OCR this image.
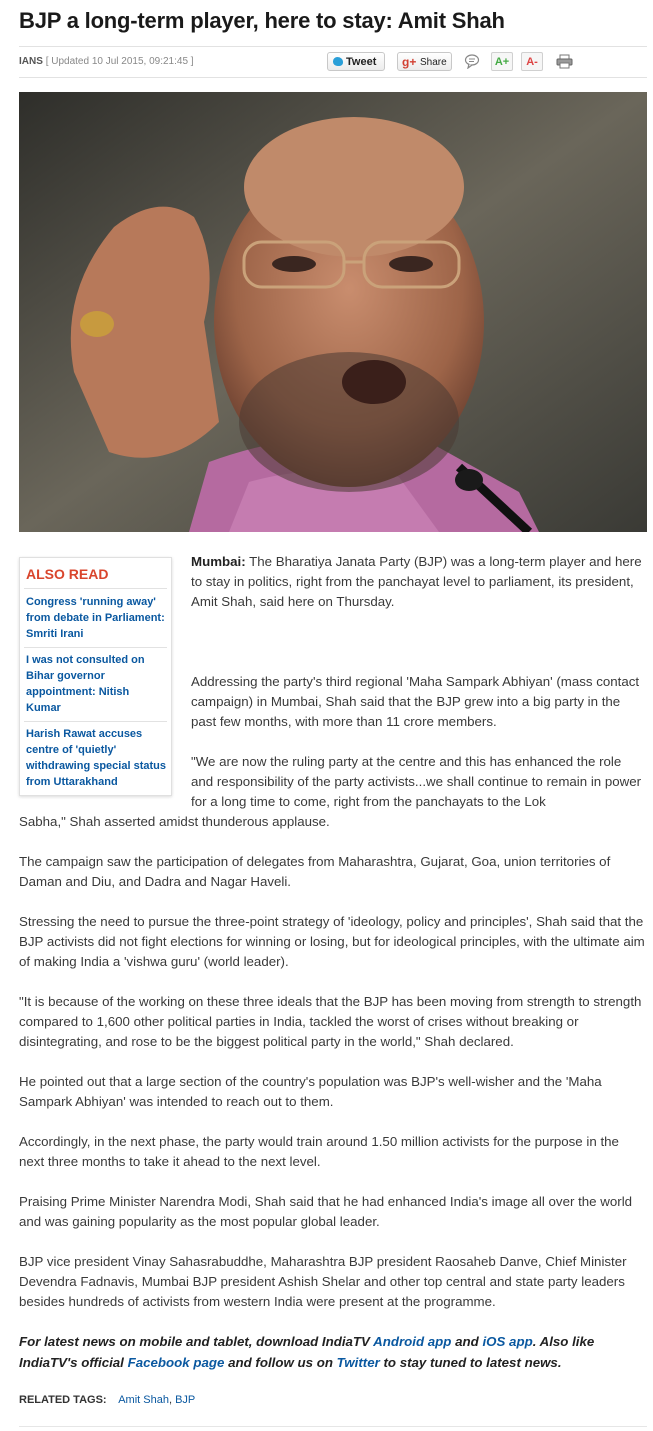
BJP a long-term player, here to stay: Amit Shah
IANS [ Updated 10 Jul 2015, 09:21:45 ]	Tweet g+ Share	A+	A-
ALSO READ
Congress 'running away' from debate in Parliament: Smriti Irani
I was not consulted on Bihar governor appointment: Nitish Kumar
Harish Rawat accuses centre of 'quietly' withdrawing special status from Uttarakhand
Mumbai: The Bharatiya Janata Party (BJP) was a long-term player and here to stay in politics, right from the panchayat level to parliament, its president, Amit Shah, said here on Thursday.
Addressing the party's third regional 'Maha Sampark Abhiyan' (mass contact campaign) in Mumbai, Shah said that the BJP grew into a big party in the past few months, with more than 11 crore members.
"We are now the ruling party at the centre and this has enhanced the role and responsibility of the party activists...we shall continue to remain in power for a long time to come, right from the panchayats to the Lok
Sabha," Shah asserted amidst thunderous applause.
The campaign saw the participation of delegates from Maharashtra, Gujarat, Goa, union territories of Daman and Diu, and Dadra and Nagar Haveli.
Stressing the need to pursue the three-point strategy of 'ideology, policy and principles', Shah said that the BJP activists did not fight elections for winning or losing, but for ideological principles, with the ultimate aim of making India a 'vishwa guru' (world leader).
"It is because of the working on these three ideals that the BJP has been moving from strength to strength compared to 1,600 other political parties in India, tackled the worst of crises without breaking or disintegrating, and rose to be the biggest political party in the world," Shah declared.
He pointed out that a large section of the country's population was BJP's well-wisher and the 'Maha Sampark Abhiyan' was intended to reach out to them.
Accordingly, in the next phase, the party would train around 1.50 million activists for the purpose in the next three months to take it ahead to the next level.
Praising Prime Minister Narendra Modi, Shah said that he had enhanced India's image all over the world and was gaining popularity as the most popular global leader.
BJP vice president Vinay Sahasrabuddhe, Maharashtra BJP president Raosaheb Danve, Chief Minister Devendra Fadnavis, Mumbai BJP president Ashish Shelar and other top central and state party leaders besides hundreds of activists from western India were present at the programme.
For latest news on mobile and tablet, download IndiaTV Android app and iOS app. Also like IndiaTV's official Facebook page and follow us on Twitter to stay tuned to latest news.
RELATED TAGS: Amit Shah, BJP
